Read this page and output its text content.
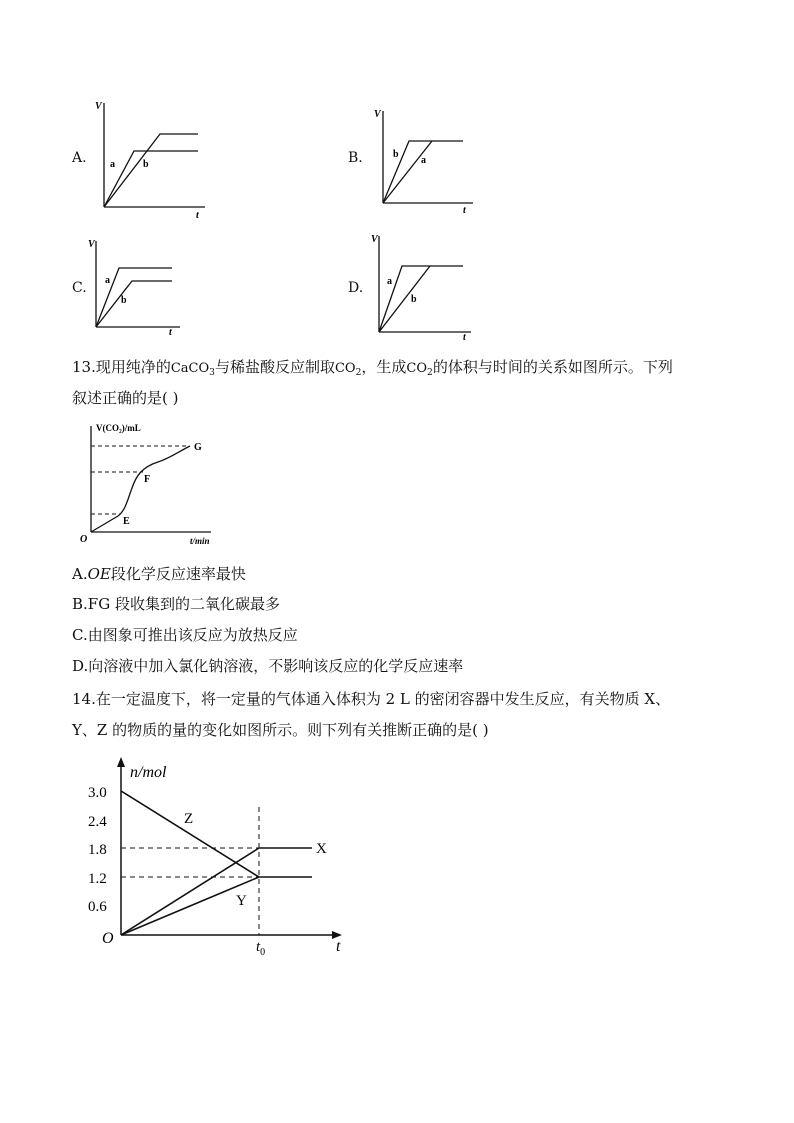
A.
V
t
a	b	B.
V
t
b
a
C.
V
t
a
b
D.
V
t
a
b
13.现用纯净的CaCO$_3$与稀盐酸反应制取$CO_2$，生成$CO_2$的体积与时间的关系如图所示。下列
叙述正确的是( )
V(CO₂)/mL
t/min
O
E
F
G
A.OE段化学反应速率最快
B.FG 段收集到的二氧化碳最多
C.由图象可推出该反应为放热反应
D.向溶液中加入氯化钠溶液，不影响该反应的化学反应速率
14.在一定温度下，将一定量的气体通入体积为 2 L 的密闭容器中发生反应，有关物质 X、
Y、Z 的物质的量的变化如图所示。则下列有关推断正确的是( )
n/mol
t
O
3.0
2.4
1.8
1.2
0.6
Z
X
Y
$t_0$
